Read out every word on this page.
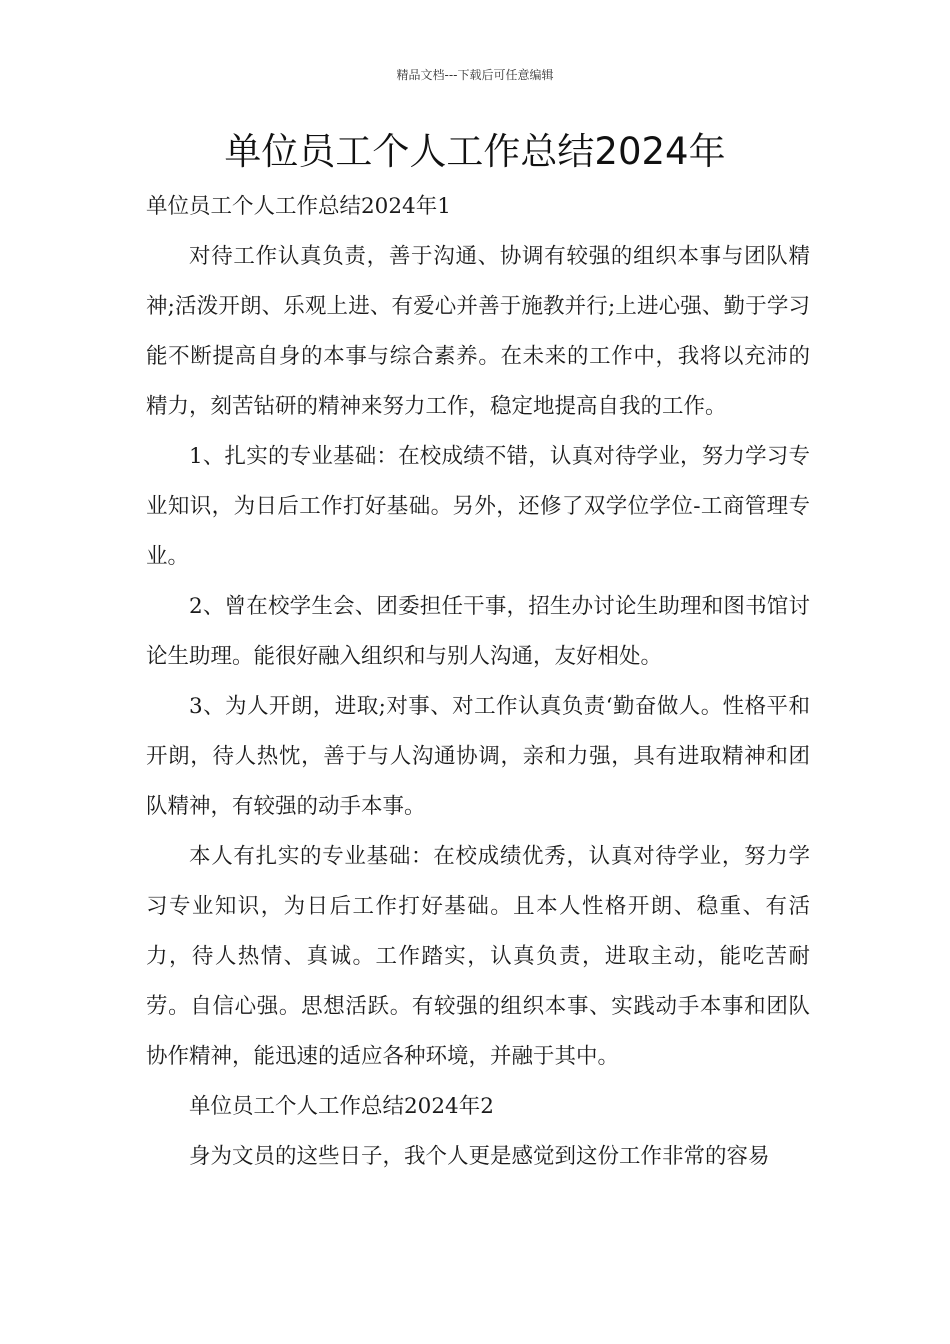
精品文档---下载后可任意编辑
单位员工个人工作总结2024年

单位员工个人工作总结2024年1

对待工作认真负责，善于沟通、协调有较强的组织本事与团队精神;活泼开朗、乐观上进、有爱心并善于施教并行;上进心强、勤于学习能不断提高自身的本事与综合素养。在未来的工作中，我将以充沛的精力，刻苦钻研的精神来努力工作，稳定地提高自我的工作。

1、扎实的专业基础：在校成绩不错，认真对待学业，努力学习专业知识，为日后工作打好基础。另外，还修了双学位学位-工商管理专业。

2、曾在校学生会、团委担任干事，招生办讨论生助理和图书馆讨论生助理。能很好融入组织和与别人沟通，友好相处。

3、为人开朗，进取;对事、对工作认真负责‘勤奋做人。性格平和开朗，待人热忱，善于与人沟通协调，亲和力强，具有进取精神和团队精神，有较强的动手本事。

本人有扎实的专业基础：在校成绩优秀，认真对待学业，努力学习专业知识，为日后工作打好基础。且本人性格开朗、稳重、有活力，待人热情、真诚。工作踏实，认真负责，进取主动，能吃苦耐劳。自信心强。思想活跃。有较强的组织本事、实践动手本事和团队协作精神，能迅速的适应各种环境，并融于其中。

单位员工个人工作总结2024年2

身为文员的这些日子，我个人更是感觉到这份工作非常的容易
